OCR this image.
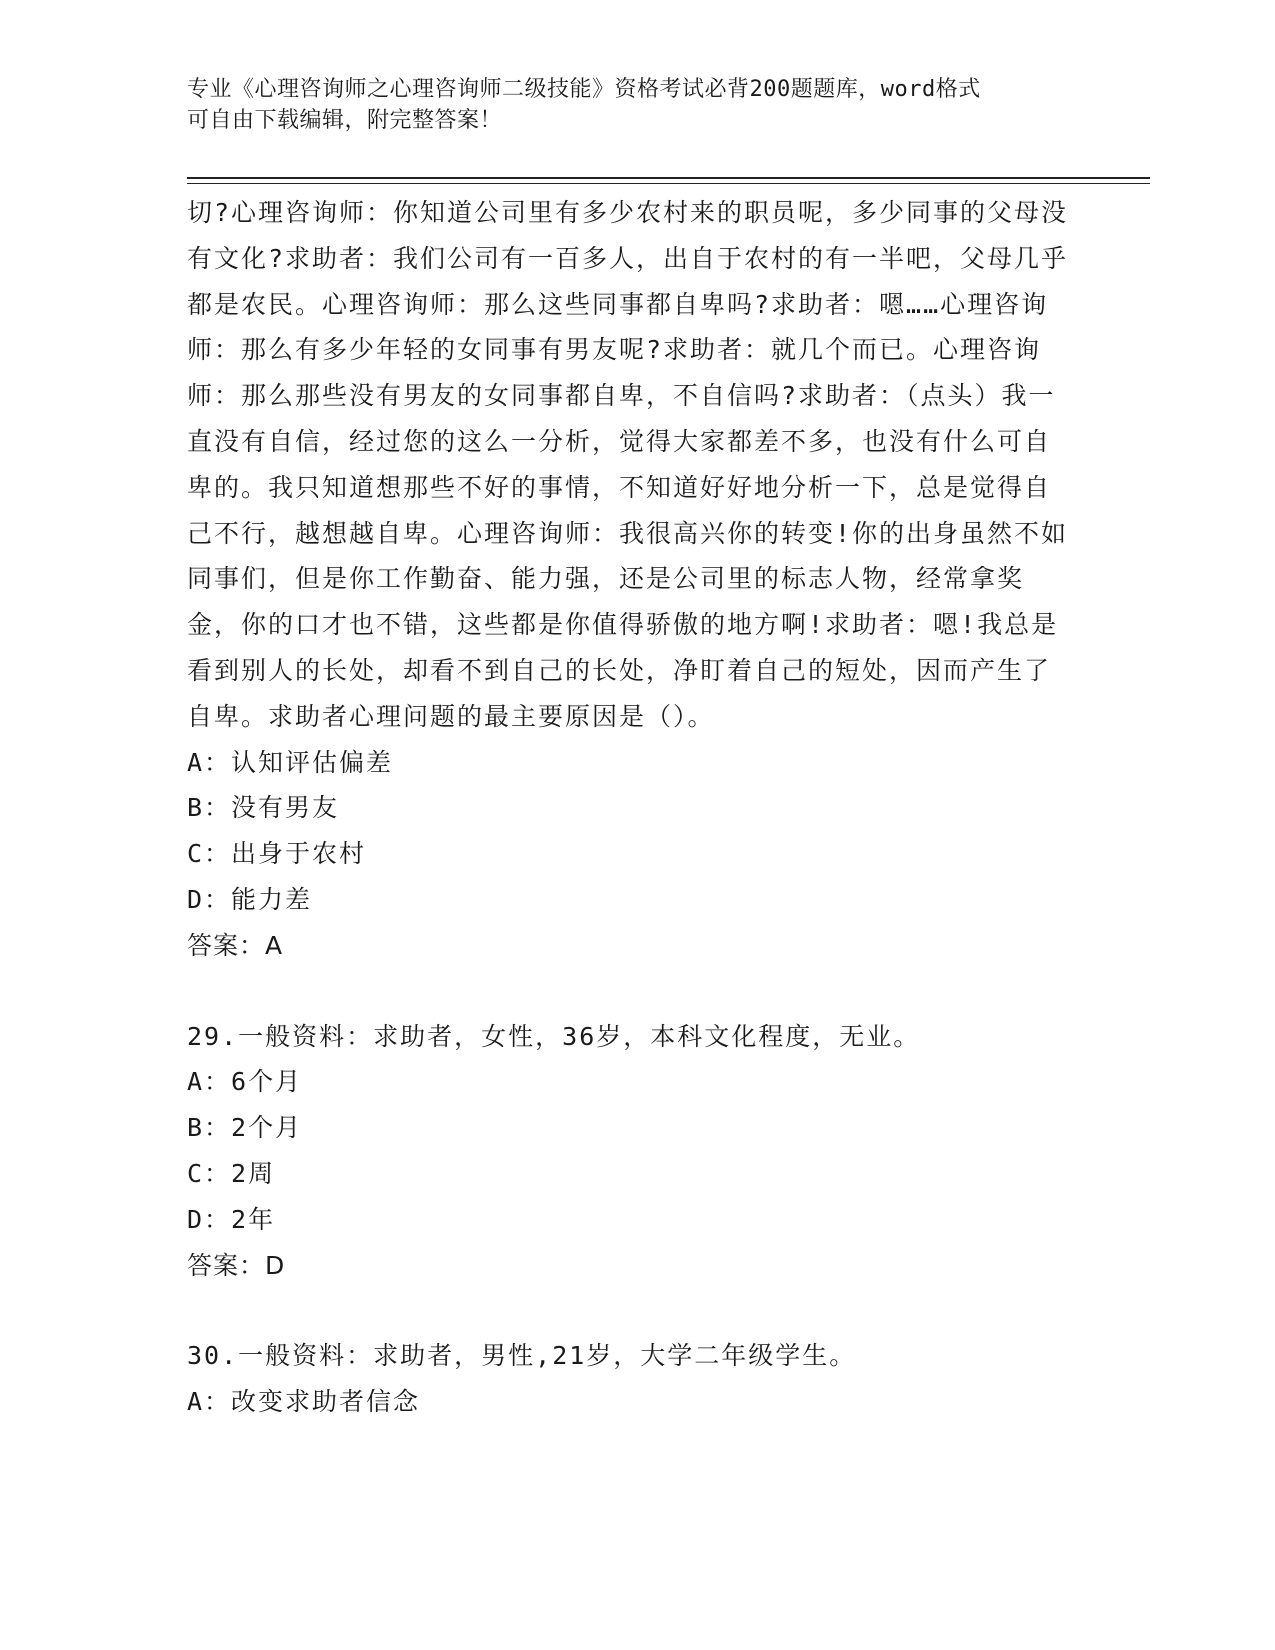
专业《心理咨询师之心理咨询师二级技能》资格考试必背200题题库，word格式
可自由下载编辑，附完整答案！

切?心理咨询师：你知道公司里有多少农村来的职员呢，多少同事的父母没有文化?求助者：我们公司有一百多人，出自于农村的有一半吧，父母几乎都是农民。心理咨询师：那么这些同事都自卑吗?求助者：嗯……心理咨询师：那么有多少年轻的女同事有男友呢?求助者：就几个而已。心理咨询师：那么那些没有男友的女同事都自卑，不自信吗?求助者：（点头）我一直没有自信，经过您的这么一分析，觉得大家都差不多，也没有什么可自卑的。我只知道想那些不好的事情，不知道好好地分析一下，总是觉得自己不行，越想越自卑。心理咨询师：我很高兴你的转变!你的出身虽然不如同事们，但是你工作勤奋、能力强，还是公司里的标志人物，经常拿奖金，你的口才也不错，这些都是你值得骄傲的地方啊!求助者：嗯!我总是看到别人的长处，却看不到自己的长处，净盯着自己的短处，因而产生了自卑。求助者心理问题的最主要原因是（）。

A：认知评估偏差

B：没有男友

C：出身于农村

D：能力差

答案：A

29.一般资料：求助者，女性，36岁，本科文化程度，无业。

A：6个月

B：2个月

C：2周

D：2年

答案：D

30.一般资料：求助者，男性,21岁，大学二年级学生。

A：改变求助者信念
